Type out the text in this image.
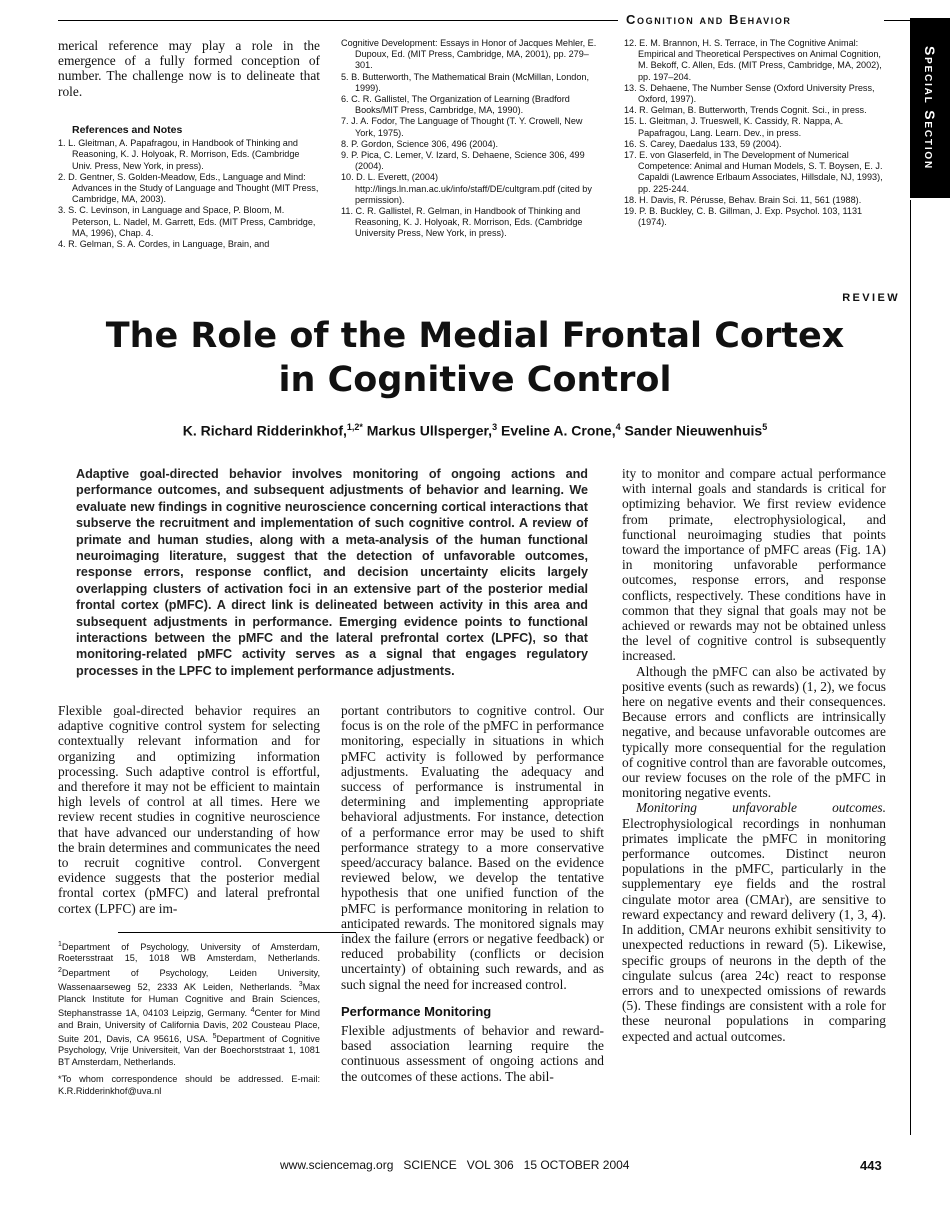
Cognition and Behavior
Special Section
merical reference may play a role in the emergence of a fully formed conception of number. The challenge now is to delineate that role.
References and Notes
1. L. Gleitman, A. Papafragou, in Handbook of Thinking and Reasoning, K. J. Holyoak, R. Morrison, Eds. (Cambridge Univ. Press, New York, in press).
2. D. Gentner, S. Golden-Meadow, Eds., Language and Mind: Advances in the Study of Language and Thought (MIT Press, Cambridge, MA, 2003).
3. S. C. Levinson, in Language and Space, P. Bloom, M. Peterson, L. Nadel, M. Garrett, Eds. (MIT Press, Cambridge, MA, 1996), Chap. 4.
4. R. Gelman, S. A. Cordes, in Language, Brain, and
Cognitive Development: Essays in Honor of Jacques Mehler, E. Dupoux, Ed. (MIT Press, Cambridge, MA, 2001), pp. 279–301.
5. B. Butterworth, The Mathematical Brain (McMillan, London, 1999).
6. C. R. Gallistel, The Organization of Learning (Bradford Books/MIT Press, Cambridge, MA, 1990).
7. J. A. Fodor, The Language of Thought (T. Y. Crowell, New York, 1975).
8. P. Gordon, Science 306, 496 (2004).
9. P. Pica, C. Lemer, V. Izard, S. Dehaene, Science 306, 499 (2004).
10. D. L. Everett, (2004) http://lings.ln.man.ac.uk/info/staff/DE/cultgram.pdf (cited by permission).
11. C. R. Gallistel, R. Gelman, in Handbook of Thinking and Reasoning, K. J. Holyoak, R. Morrison, Eds. (Cambridge University Press, New York, in press).
12. E. M. Brannon, H. S. Terrace, in The Cognitive Animal: Empirical and Theoretical Perspectives on Animal Cognition, M. Bekoff, C. Allen, Eds. (MIT Press, Cambridge, MA, 2002), pp. 197–204.
13. S. Dehaene, The Number Sense (Oxford University Press, Oxford, 1997).
14. R. Gelman, B. Butterworth, Trends Cognit. Sci., in press.
15. L. Gleitman, J. Trueswell, K. Cassidy, R. Nappa, A. Papafragou, Lang. Learn. Dev., in press.
16. S. Carey, Daedalus 133, 59 (2004).
17. E. von Glaserfeld, in The Development of Numerical Competence: Animal and Human Models, S. T. Boysen, E. J. Capaldi (Lawrence Erlbaum Associates, Hillsdale, NJ, 1993), pp. 225-244.
18. H. Davis, R. Pérusse, Behav. Brain Sci. 11, 561 (1988).
19. P. B. Buckley, C. B. Gillman, J. Exp. Psychol. 103, 1131 (1974).
REVIEW
The Role of the Medial Frontal Cortex
in Cognitive Control
K. Richard Ridderinkhof,$^{1,2*}$ Markus Ullsperger,$^3$ Eveline A. Crone,$^4$ Sander Nieuwenhuis$^5$
Adaptive goal-directed behavior involves monitoring of ongoing actions and performance outcomes, and subsequent adjustments of behavior and learning. We evaluate new findings in cognitive neuroscience concerning cortical interactions that subserve the recruitment and implementation of such cognitive control. A review of primate and human studies, along with a meta-analysis of the human functional neuroimaging literature, suggest that the detection of unfavorable outcomes, response errors, response conflict, and decision uncertainty elicits largely overlapping clusters of activation foci in an extensive part of the posterior medial frontal cortex (pMFC). A direct link is delineated between activity in this area and subsequent adjustments in performance. Emerging evidence points to functional interactions between the pMFC and the lateral prefrontal cortex (LPFC), so that monitoring-related pMFC activity serves as a signal that engages regulatory processes in the LPFC to implement performance adjustments.

ity to monitor and compare actual performance with internal goals and standards is critical for optimizing behavior. We first review evidence from primate, electrophysiological, and functional neuroimaging studies that points toward the importance of pMFC areas (Fig. 1A) in monitoring unfavorable performance outcomes, response errors, and response conflicts, respectively. These conditions have in common that they signal that goals may not be achieved or rewards may not be obtained unless the level of cognitive control is subsequently increased.

Although the pMFC can also be activated by positive events (such as rewards) (1, 2), we focus here on negative events and their consequences. Because errors and conflicts are intrinsically negative, and because unfavorable outcomes are typically more consequential for the regulation of cognitive control than are favorable outcomes, our review focuses on the role of the pMFC in monitoring negative events.

Monitoring unfavorable outcomes. Electrophysiological recordings in nonhuman primates implicate the pMFC in monitoring performance outcomes. Distinct neuron populations in the pMFC, particularly in the supplementary eye fields and the rostral cingulate motor area (CMAr), are sensitive to reward expectancy and reward delivery (1, 3, 4). In addition, CMAr neurons exhibit sensitivity to unexpected reductions in reward (5). Likewise, specific groups of neurons in the depth of the cingulate sulcus (area 24c) react to response errors and to unexpected omissions of rewards (5). These findings are consistent with a role for these neuronal populations in comparing expected and actual outcomes.

Flexible goal-directed behavior requires an adaptive cognitive control system for selecting contextually relevant information and for organizing and optimizing information processing. Such adaptive control is effortful, and therefore it may not be efficient to maintain high levels of control at all times. Here we review recent studies in cognitive neuroscience that have advanced our understanding of how the brain determines and communicates the need to recruit cognitive control. Convergent evidence suggests that the posterior medial frontal cortex (pMFC) and lateral prefrontal cortex (LPFC) are im-

$^1$Department of Psychology, University of Amsterdam, Roetersstraat 15, 1018 WB Amsterdam, Netherlands. $^2$Department of Psychology, Leiden University, Wassenaarseweg 52, 2333 AK Leiden, Netherlands. $^3$Max Planck Institute for Human Cognitive and Brain Sciences, Stephanstrasse 1A, 04103 Leipzig, Germany. $^4$Center for Mind and Brain, University of California Davis, 202 Cousteau Place, Suite 201, Davis, CA 95616, USA. $^5$Department of Cognitive Psychology, Vrije Universiteit, Van der Boechorststraat 1, 1081 BT Amsterdam, Netherlands.

*To whom correspondence should be addressed. E-mail: K.R.Ridderinkhof@uva.nl

portant contributors to cognitive control. Our focus is on the role of the pMFC in performance monitoring, especially in situations in which pMFC activity is followed by performance adjustments. Evaluating the adequacy and success of performance is instrumental in determining and implementing appropriate behavioral adjustments. For instance, detection of a performance error may be used to shift performance strategy to a more conservative speed/accuracy balance. Based on the evidence reviewed below, we develop the tentative hypothesis that one unified function of the pMFC is performance monitoring in relation to anticipated rewards. The monitored signals may index the failure (errors or negative feedback) or reduced probability (conflicts or decision uncertainty) of obtaining such rewards, and as such signal the need for increased control.

Performance Monitoring

Flexible adjustments of behavior and reward-based association learning require the continuous assessment of ongoing actions and the outcomes of these actions. The abil-

www.sciencemag.org   SCIENCE   VOL 306   15 OCTOBER 2004	443
